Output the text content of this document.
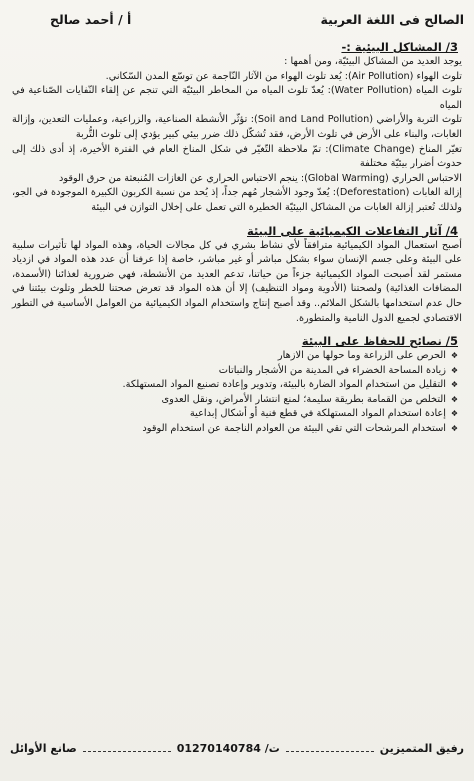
الصالح فى اللغة العربية
أ / أحمد صالح
3/ المشاكل البيئية :-

يوجد العديد من المشاكل البيئيّة، ومن أهمها :

تلوث الهواء (Air Pollution): يُعد تلوث الهواء من الآثار النّاجمة عن توسّع المدن السّكاني.

تلوث المياه (Water Pollution): يُعدّ تلوث المياه من المخاطر البيئيّة التي تنجم عن إلقاء النّفايات الصّناعية في المياه

تلوث التربة والأراضي (Soil and Land Pollution): تؤثّر الأنشطة الصناعية، والزراعية، وعمليات التعدين، وإزالة الغابات، والبناء على الأرض في تلوث الأرض، فقد تُشكّل ذلك ضرر بيئي كبير يؤدي إلى تلوث التُّربة

تغيّر المناخ (Climate Change): تمّ ملاحظة التّغيّر في شكل المناخ العام في الفترة الأخيرة، إذ أدى ذلك إلى حدوث أضرار بيئيّة مختلفة

الاحتباس الحراري (Global Warming): ينجم الاحتباس الحراري عن الغازات المُنبعثة من حرق الوقود

إزالة الغابات (Deforestation): يُعدّ وجود الأشجار مُهم جداً، إذ يُحد من نسبة الكربون الكبيرة الموجودة في الجو، ولذلك تُعتبر إزالة الغابات من المشاكل البيئيّة الخطيرة التي تعمل على إخلال التوازن في البيئة

4/ آثار التفاعلات الكيميائية على البيئة

أصبح استعمال المواد الكيميائية مترافقاً لأي نشاط بشري في كل مجالات الحياة، وهذه المواد لها تأثيرات سلبية على البيئة وعلى جسم الإنسان سواء بشكل مباشر أو غير مباشر، خاصة إذا عرفنا أن عدد هذه المواد في ازدياد مستمر لقد أصبحت المواد الكيميائية جزءاً من حياتنا، تدعم العديد من الأنشطة، فهي ضرورية لغذائنا (الأسمدة، المضافات الغذائية) ولصحتنا (الأدوية ومواد التنظيف) إلا أن هذه المواد قد تعرض صحتنا للخطر وتلوث بيئتنا في حال عدم استخدامها بالشكل الملائم.. وقد أصبح إنتاج واستخدام المواد الكيميائية من العوامل الأساسية في التطور الاقتصادي لجميع الدول النامية والمتطورة.

5/ نصائح للحفاظ على البيئة
❖ الحرص على الزراعة وما حولها من الازهار
❖ زيادة المساحة الخضراء في المدينة من الأشجار والنباتات
❖ التقليل من استخدام المواد الضارة بالبيئة، وتدوير وإعادة تصنيع المواد المستهلكة.
❖ التخلص من القمامة بطريقة سليمة؛ لمنع انتشار الأمراض، ونقل العدوى
❖ إعادة استخدام المواد المستهلكة في قطع فنية أو أشكال إبداعية
❖ استخدام المرشحات التي تقي البيئة من العوادم الناجمة عن استخدام الوقود
رفيق المتميزين
ت/ 01270140784
صانع الأوائل
